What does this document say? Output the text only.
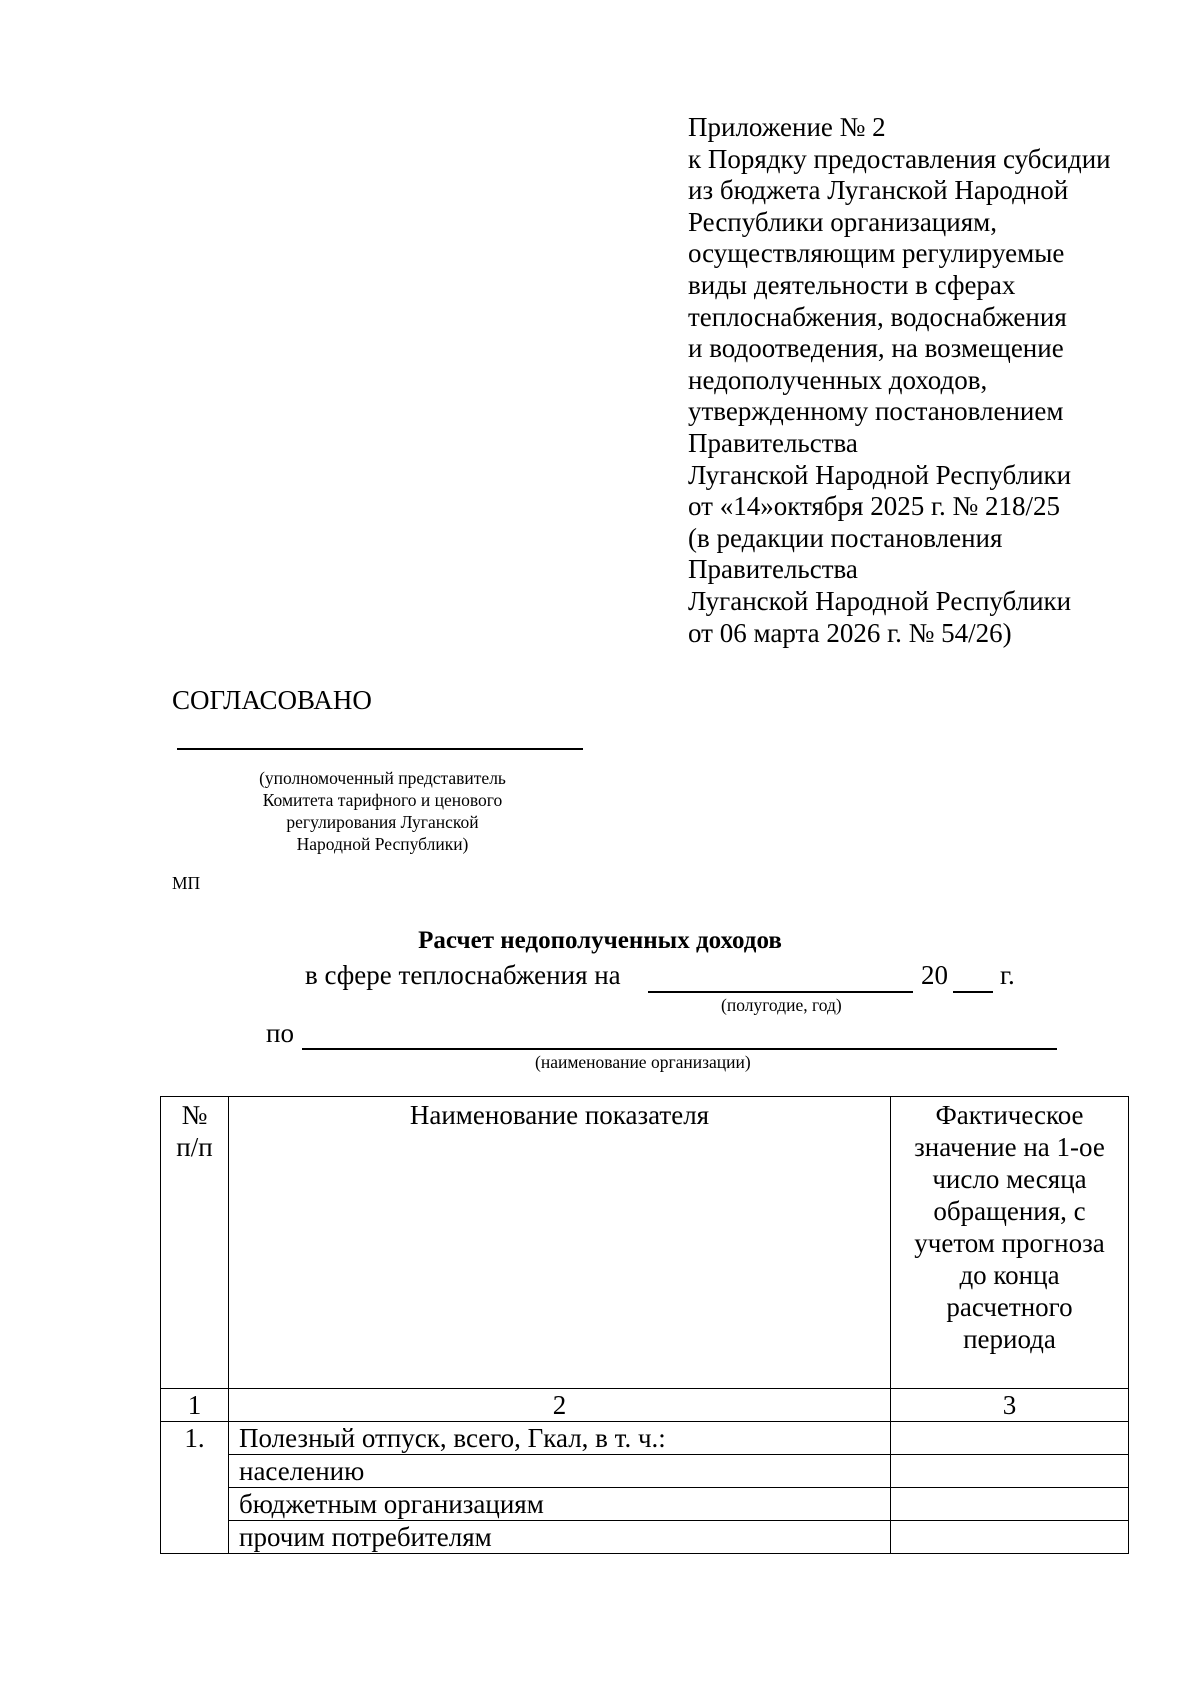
Приложение № 2
к Порядку предоставления субсидии
из бюджета Луганской Народной
Республики организациям,
осуществляющим регулируемые
виды деятельности в сферах
теплоснабжения, водоснабжения
и водоотведения, на возмещение
недополученных доходов,
утвержденному постановлением
Правительства
Луганской Народной Республики
от «14»октября 2025 г. № 218/25
(в редакции постановления
Правительства
Луганской Народной Республики
от 06 марта 2026 г. № 54/26)
СОГЛАСОВАНО
(уполномоченный представитель
Комитета тарифного и ценового
регулирования Луганской
Народной Республики)
МП
Расчет недополученных доходов
в сфере теплоснабжения на	20 г.
(полугодие, год)
по
(наименование организации)
№ п/п	Наименование показателя	Фактическое значение на 1-ое число месяца обращения, с учетом прогноза до конца расчетного периода

1	2	3
1.	Полезный отпуск, всего, Гкал, в т. ч.:	
	населению	
	бюджетным организациям	
	прочим потребителям	
